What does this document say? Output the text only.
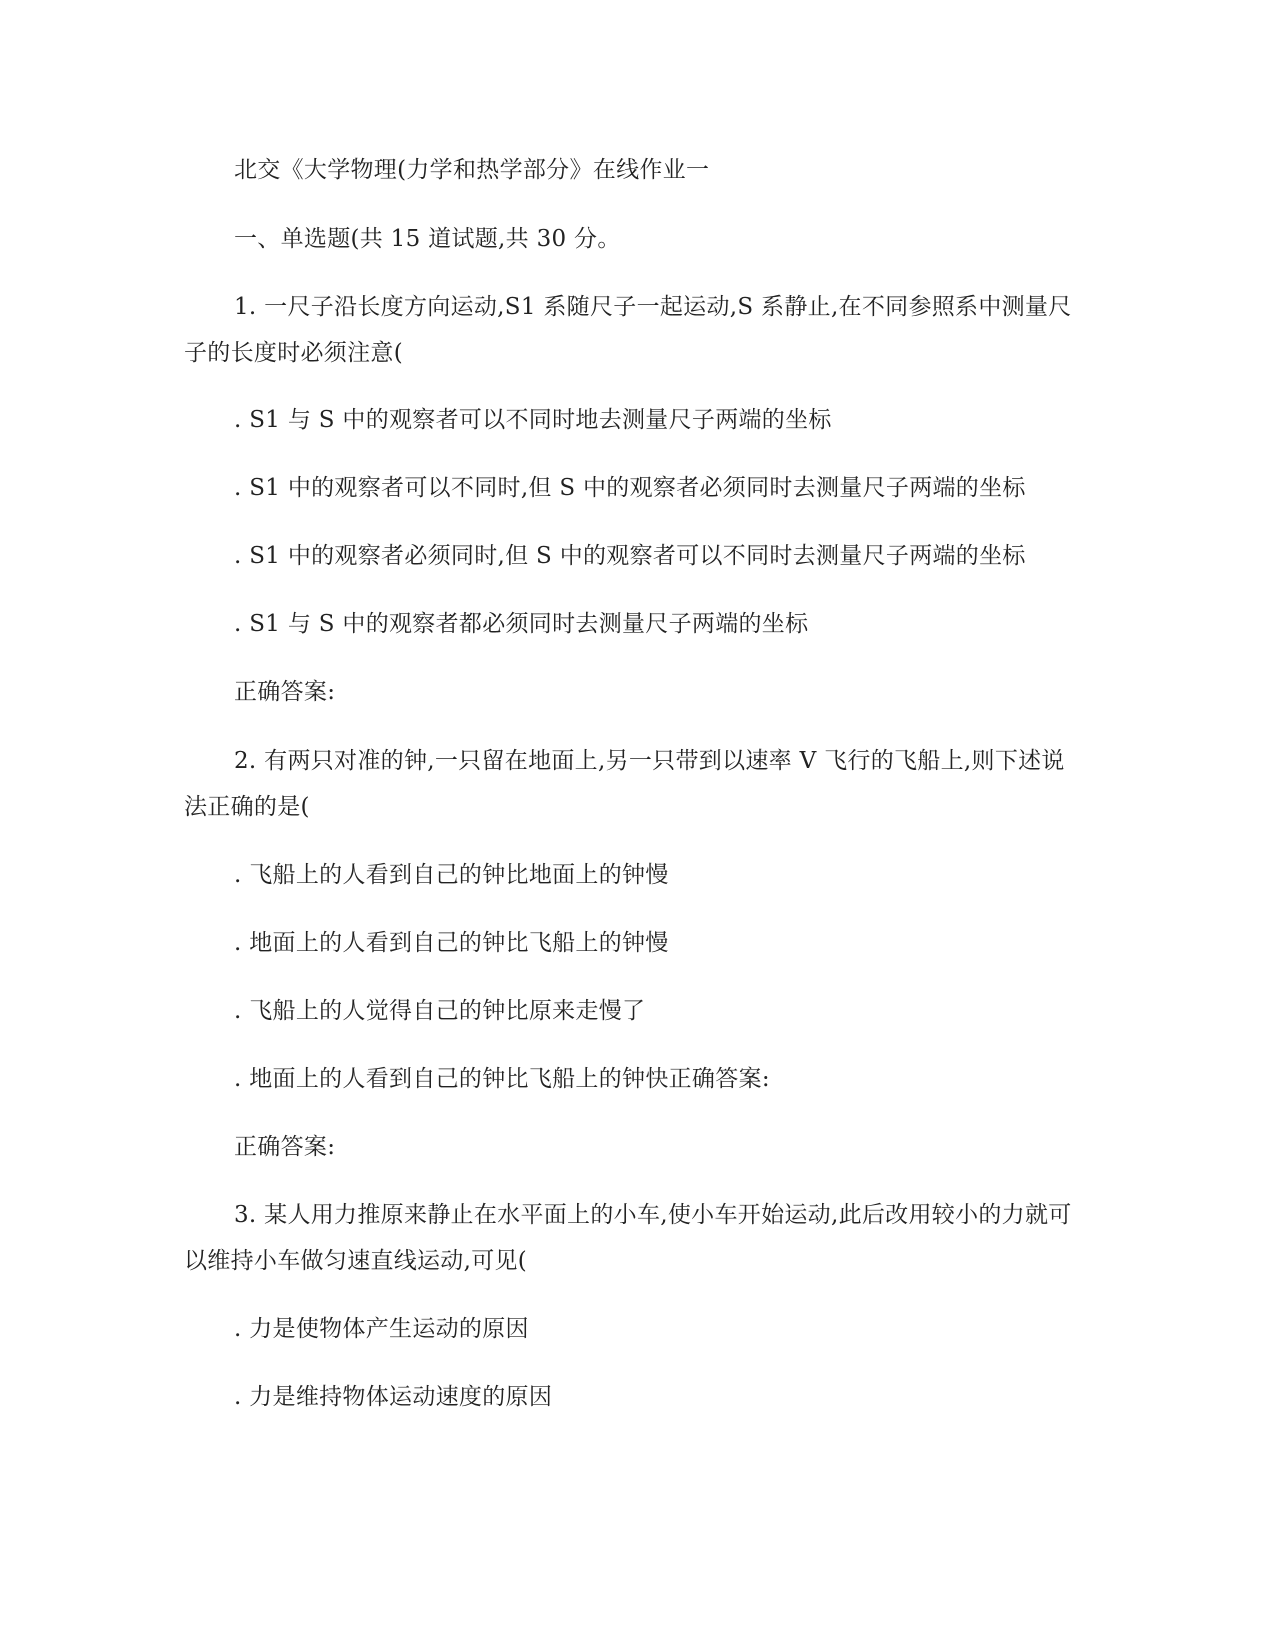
北交《大学物理(力学和热学部分》在线作业一
一、单选题(共 15 道试题,共 30 分。
1. 一尺子沿长度方向运动,S1 系随尺子一起运动,S 系静止,在不同参照系中测量尺子的长度时必须注意(
. S1 与 S 中的观察者可以不同时地去测量尺子两端的坐标
. S1 中的观察者可以不同时,但 S 中的观察者必须同时去测量尺子两端的坐标
. S1 中的观察者必须同时,但 S 中的观察者可以不同时去测量尺子两端的坐标
. S1 与 S 中的观察者都必须同时去测量尺子两端的坐标
正确答案:
2. 有两只对准的钟,一只留在地面上,另一只带到以速率 V 飞行的飞船上,则下述说法正确的是(
. 飞船上的人看到自己的钟比地面上的钟慢
. 地面上的人看到自己的钟比飞船上的钟慢
. 飞船上的人觉得自己的钟比原来走慢了
. 地面上的人看到自己的钟比飞船上的钟快正确答案:
正确答案:
3. 某人用力推原来静止在水平面上的小车,使小车开始运动,此后改用较小的力就可以维持小车做匀速直线运动,可见(
. 力是使物体产生运动的原因
. 力是维持物体运动速度的原因
